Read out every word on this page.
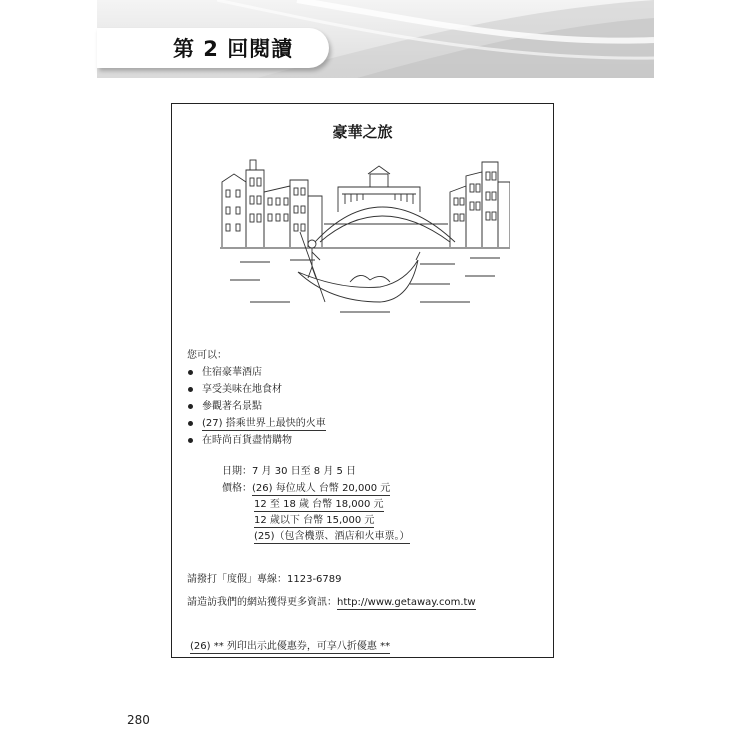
第 2 回閱讀
豪華之旅
您可以：
住宿豪華酒店
享受美味在地食材
參觀著名景點
(27) 搭乘世界上最快的火車
在時尚百貨盡情購物
日期：7 月 30 日至 8 月 5 日
價格：(26) 每位成人 台幣 20,000 元
12 至 18 歲 台幣 18,000 元
12 歲以下 台幣 15,000 元
(25)（包含機票、酒店和火車票。）
請撥打「度假」專線：1123-6789
請造訪我們的網站獲得更多資訊：http://www.getaway.com.tw
(26) ** 列印出示此優惠券，可享八折優惠 **
280
